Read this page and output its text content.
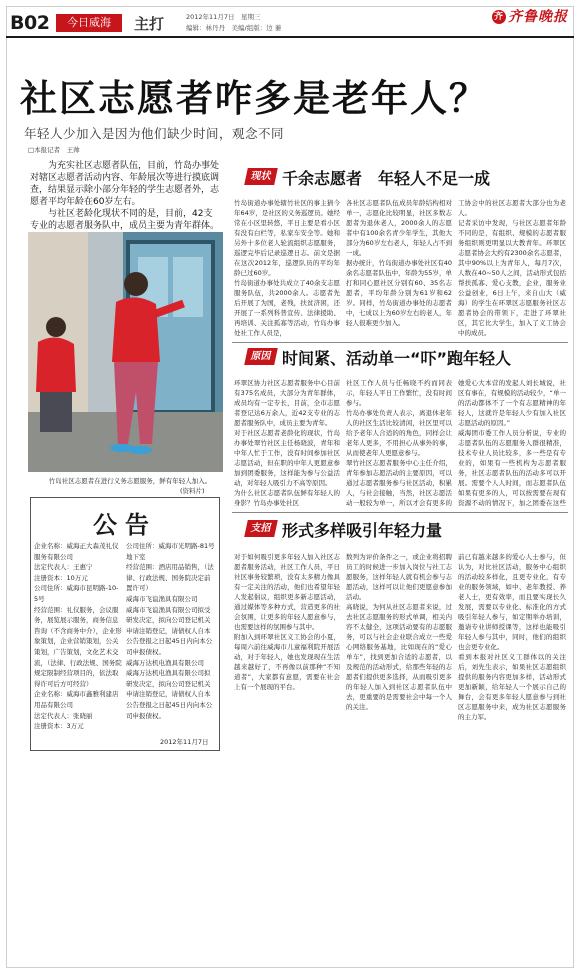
B02	今日威海	主打	2012年11月7日　星期三
编辑：林丹丹　美编/组版：边 蓁
齐 齐鲁晚报
社区志愿者咋多是老年人？
年轻人少加入是因为他们缺少时间，观念不同
□本报记者　王帅
为充实社区志愿者队伍，目前，竹岛办事处对辖区志愿者活动内容、年龄展次等进行摸底调查，结果显示除小部分年轻的学生志愿者外，志愿者平均年龄在60岁左右。
与社区老龄化现状不同的是，目前，42支专业的志愿者服务队中，成员主要为青年群体。
竹岛社区志愿者在进行义务志愿服务，鲜有年轻人加入。
(资料片)
公告
企业名称：威海正大森茂礼仪服务有限公司
法定代表人：王惠宁
注册资本：10万元
公司住所：威海市昆明路-10-5号
经营范围：礼仪服务，会议服务，展览展示服务，商务信息咨询（不含商务中介），企业形象策划，企业营销策划，公关策划，广告策划，文化艺术交流，（法律、行政法规、国务院规定限制经营项目的，依法取得许可后方可经营）
企业名称：威海市鑫雅利建店用品有限公司
法定代表人：张晓丽
注册资本：3万元
公司住所：威海市光明路-81号地下室
经营范围：酒店用品销售，（法律、行政法规、国务院决定前置许可）
威海市飞谊渔具有限公司
威海市飞谊渔具有限公司拟受研发决定，拟向公司登记机关申请注销登记，请债权人自本公告登报之日起45日内向本公司申报债权。
威海万达机电渔具有限公司
威海万达机电渔具有限公司拟研发决定，拟向公司登记机关申请注销登记，请债权人自本公告登报之日起45日内向本公司申报债权。
2012年11月7日
现状 千余志愿者　年轻人不足一成
竹岛街道办事处辖竹社区的事主猜今年64岁，是社区的义务巡逻员。她经常在小区里转悠，平日主要是看小区有没有白栏等，私家车安全等。她和另外十多位老人轮流组织志愿服务，巡逻完毕后记录巡逻日志。前文是据在这次2012年，巡逻队员的平均年龄已过60岁。
竹岛街道办事处共成立了40余支志愿服务队伍，共2000余人。志愿者先后开展了为国，老残，扶贫济困，还开展了一系列科普宣传、法律援助、再培训、关注孤寡等活动，竹岛办事处社工作人员是，
各社区志愿者队伍成员年龄结构相对单一，志愿化比较明显，社区多数志愿者为退休老人，2000余人的志愿者中有100余名青少年学生，其他大部分为60岁左右老人，年轻人占不到一成。
据办统计，竹岛街道办事处社区有40余名志愿者队伍中，年龄为55岁，单打和同心愿社区分别有60、35名志愿者，平均年龄分别为61岁和62岁。同样，竹岛街道办事处的志愿者中，七成以上为60岁左右的老人，年轻人很难更少加入。
工协会中的社区志愿者大部分也为老人。
记者采访中发现，与社区志愿者年龄不同的是，有组织、规模的志愿者服务组织则更明显以大教青年。环翠区志愿者协会大约有2300余名志愿者，其中90%以上为青年人，每月7次，人数在40~50人之间，活动形式包括帮扶孤寡、爱心支教，企业，服务业公益创业，6日上午，来自山大（威海）的学生在环翠区志愿服务社区志愿者协会的带领下，走进了环翠社区，其它比大学生，加入了义工协会中的成员。
原因 时间紧、活动单一“吓”跑年轻人
环翠区协力社区志愿者服务中心目前有375名成员，大部分为青年群体，成员均有一定专长，目前，全市志愿者登记达6万余人，近42支专业的志愿者服务队中，成员主要为青年。
对于社区志愿者老龄化的现状，竹岛办事处翠竹社区主任杨晓波，青年和中年人忙于工作，没有时间参加社区志愿活动，但在职的中年人更愿意参加到团委服务，这样能为参与公益活动，对年轻人吸引力不高等原因。
为什么社区志愿者队伍鲜有年轻人的身影？竹岛办事处社区
社区工作人员与任畅晓不约而同表示，年轻人平日工作繁忙，没有时间参与。
竹岛办事处负责人表示，离退休老年人的社区生活比较清闲，社区里可以给予老年人合适的的角色，同样会让老年人更多，不用担心从事外的事，从而使老年人更愿意参与。
翠竹社区志愿者服务中心主任介绍，青年参加志愿活动的主要原因，可以通过志愿者服务参与社区活动，积累人，与社会接触，当然，社区志愿活动一般较为单一，所以才会有更多的
她爱心大本营的发起人刘长城说，社区有事在，有规模的活动较少，“单一的活动都体不了一个有志愿精神的年轻人，这就许是年轻人少有加入社区志愿活动的原因。”
威海团市委工作人员分析说，专业的志愿者队伍的志愿服务人群很精准，技术专业人员比较多，多一些是有专业的，如果有一些机构为志愿者服务，社区志愿者队伍的活动多可以开展。需要个人人时间，而志愿者队伍如果有更多的人，可以按需要在现有资源不动的情况下，加之团委在这些
支招 形式多样吸引年轻力量
对于如何吸引更多年轻人加入社区志愿者服务活动，社区工作人员，平日社区事务较繁琐，没有太多精力像具有一定关注的活动，他们也希望年轻人发起倡议，组织更多新志愿活动，通过媒体等多种方式，营造更多的社会氛围，让更多的年轻人愿意参与，也需要这样的氛围参与其中。
附加入到环翠社区义工协会的小夏，每周六前往威海市儿童福利院开展活动，对于年轻人，她也发现现在生活越来越好了，不再像以前那种“不知道者”，大家都有意愿，需要在社会上有一个展现的平台。
数列为评价条件之一，或企业将招聘员工的时候进一步加入岗位与社工志愿服务，这样年轻人就有机会参与志愿活动，这样可以让他们更愿意参加活动。
高晓说，为何从社区志愿者来说，过去社区志愿服务的形式单调，相关内容不太健全，这项活动要有的志愿服务，可以与社会企业联合成立一些爱心网络服务基地，比如现在的“爱心单车”，找到更加合适的志愿者，以及规范的活动形式，给那些年轻的志愿者们提供更多选择，从而吸引更多的年轻人加入到社区志愿者队伍中去，更重要的是需要社会中每一个人的关注。
前已有越来越多的爱心人士参与，但认为，对比社区活动，服务中心组织的活动较多样化，且更专业化，有专业的服务领域，如中、老年教授、养老人士，更有效率，而且要实现长久发展，需要以专业化、标准化的方式吸引年轻人参与，如定期举办培训，邀请专业讲师授课等，这样也能吸引年轻人参与其中，同时，他们的组织也会更专业化。
看到本报对社区义工群体以的关注后，刘先生表示，如果社区志愿组织提供的服务内容更加多样，活动形式更加新颖，给年轻人一个展示自己的舞台，会有更多年轻人愿意参与到社区志愿服务中来，成为社区志愿服务的主力军。
